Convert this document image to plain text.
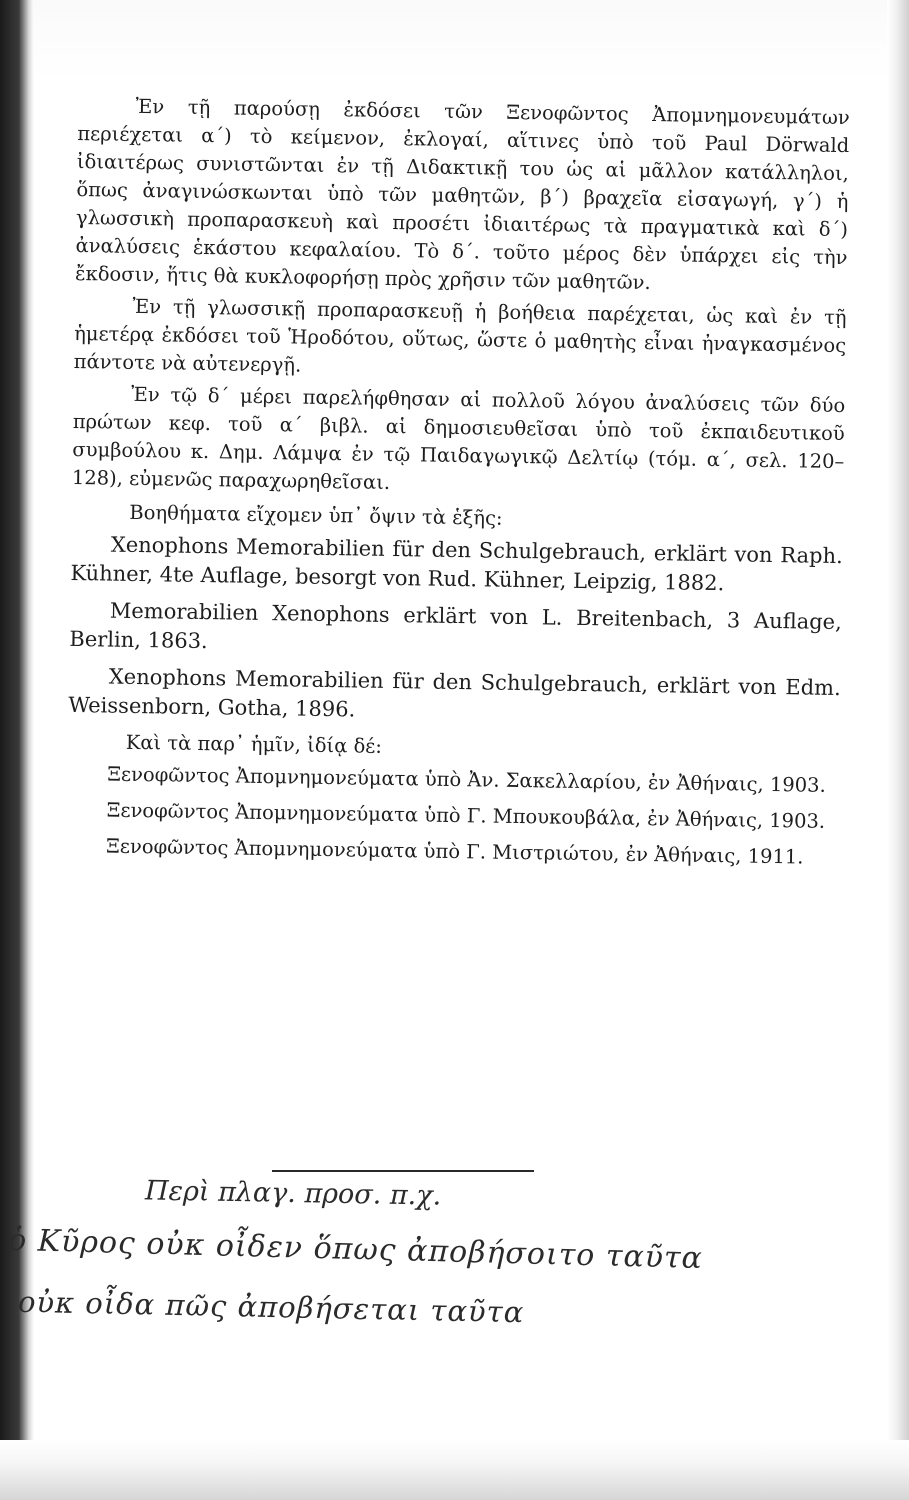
Ἐν τῇ παρούσῃ ἐκδόσει τῶν Ξενοφῶντος Ἀπομνημονευμάτων περιέχεται α΄) τὸ κείμενον, ἐκλογαί, αἵτινες ὑπὸ τοῦ Paul Dörwald ἰδιαιτέρως συνιστῶνται ἐν τῇ Διδακτικῇ του ὡς αἱ μᾶλλον κατάλληλοι, ὅπως ἀναγινώσκωνται ὑπὸ τῶν μαθητῶν, β΄) βραχεῖα εἰσαγωγή, γ΄) ἡ γλωσσικὴ προπαρασκευὴ καὶ προσέτι ἰδιαιτέρως τὰ πραγματικὰ καὶ δ΄) ἀναλύσεις ἑκάστου κεφαλαίου. Τὸ δ΄. τοῦτο μέρος δὲν ὑπάρχει εἰς τὴν ἔκδοσιν, ἥτις θὰ κυκλοφορήσῃ πρὸς χρῆσιν τῶν μαθητῶν.

Ἐν τῇ γλωσσικῇ προπαρασκευῇ ἡ βοήθεια παρέχεται, ὡς καὶ ἐν τῇ ἡμετέρᾳ ἐκδόσει τοῦ Ἡροδότου, οὕτως, ὥστε ὁ μαθητὴς εἶναι ἠναγκασμένος πάντοτε νὰ αὐτενεργῇ.

Ἐν τῷ δ΄ μέρει παρελήφθησαν αἱ πολλοῦ λόγου ἀναλύσεις τῶν δύο πρώτων κεφ. τοῦ α΄ βιβλ. αἱ δημοσιευθεῖσαι ὑπὸ τοῦ ἐκπαιδευτικοῦ συμβούλου κ. Δημ. Λάμψα ἐν τῷ Παιδαγωγικῷ Δελτίῳ (τόμ. α΄, σελ. 120–128), εὐμενῶς παραχωρηθεῖσαι.

Βοηθήματα εἴχομεν ὑπ᾽ ὄψιν τὰ ἑξῆς:
Xenophons Memorabilien für den Schulgebrauch, erklärt von Raph. Kühner, 4te Auflage, besorgt von Rud. Kühner, Leipzig, 1882.
Memorabilien Xenophons erklärt von L. Breitenbach, 3 Auflage, Berlin, 1863.
Xenophons Memorabilien für den Schulgebrauch, erklärt von Edm. Weissenborn, Gotha, 1896.
Καὶ τὰ παρ᾽ ἡμῖν, ἰδίᾳ δέ:
Ξενοφῶντος Ἀπομνημονεύματα ὑπὸ Ἀν. Σακελλαρίου, ἐν Ἀθήναις, 1903.
Ξενοφῶντος Ἀπομνημονεύματα ὑπὸ Γ. Μπουκουβάλα, ἐν Ἀθήναις, 1903.
Ξενοφῶντος Ἀπομνημονεύματα ὑπὸ Γ. Μιστριώτου, ἐν Ἀθήναις, 1911.
Περὶ πλαγ. προσ. π.χ.
ὁ Κῦρος οὐκ οἶδεν ὅπως ἀποβήσοιτο ταῦτα
οὐκ οἶδα πῶς ἀποβήσεται ταῦτα
